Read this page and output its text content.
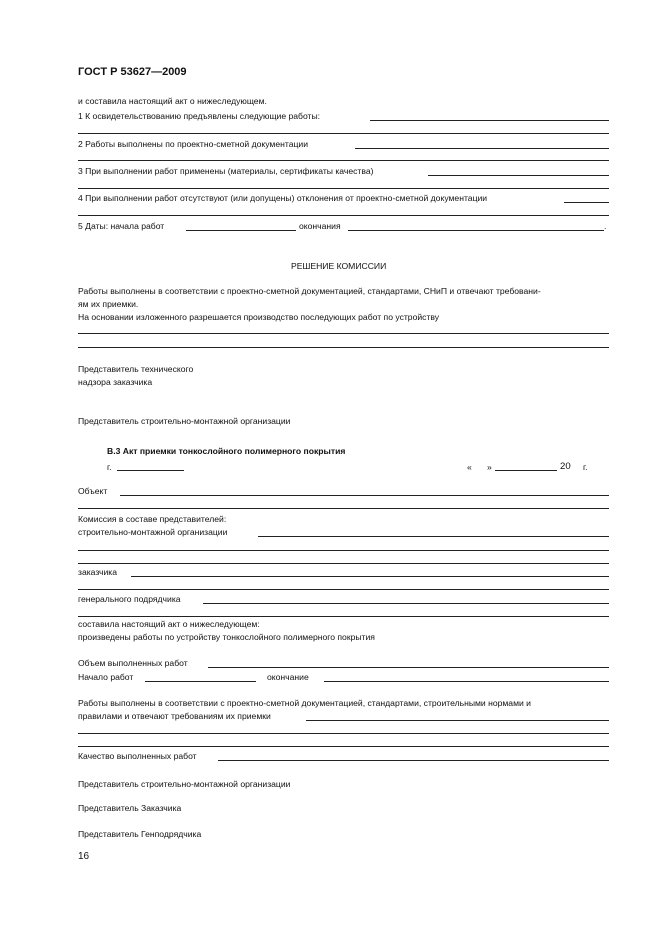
ГОСТ Р 53627—2009
и составила настоящий акт о нижеследующем.
1 К освидетельствованию предъявлены следующие работы:
2 Работы выполнены по проектно-сметной документации
3 При выполнении работ применены (материалы, сертификаты качества)
4 При выполнении работ отсутствуют (или допущены) отклонения от проектно-сметной документации
5 Даты: начала работ	окончания	.
РЕШЕНИЕ КОМИССИИ
Работы выполнены в соответствии с проектно-сметной документацией, стандартами, СНиП и отвечают требовани-
ям их приемки.
На основании изложенного разрешается производство последующих работ по устройству
Представитель технического
надзора заказчика
Представитель строительно-монтажной организации
В.3 Акт приемки тонкослойного полимерного покрытия
г.	« »	20 г.
Объект
Комиссия в составе представителей:
строительно-монтажной организации
заказчика
генерального подрядчика
составила настоящий акт о нижеследующем:
произведены работы по устройству тонкослойного полимерного покрытия
Объем выполненных работ
Начало работ	окончание
Работы выполнены в соответствии с проектно-сметной документацией, стандартами, строительными нормами и
правилами и отвечают требованиям их приемки
Качество выполненных работ
Представитель строительно-монтажной организации
Представитель Заказчика
Представитель Генподрядчика
16
